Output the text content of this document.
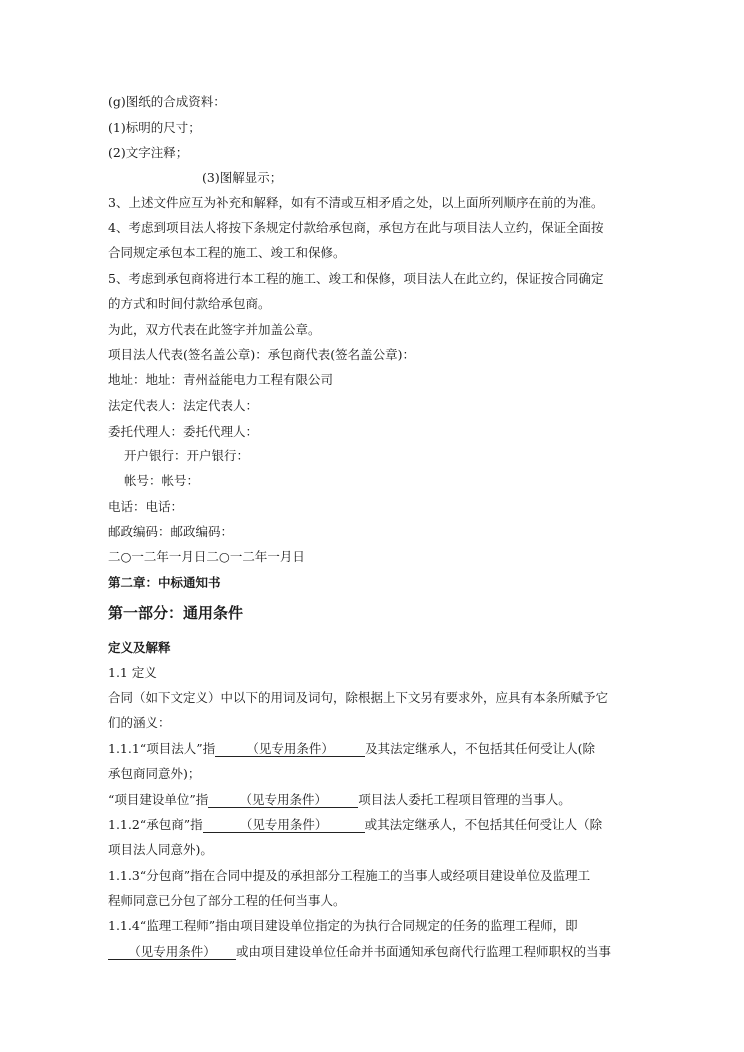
(g)图纸的合成资料：
(1)标明的尺寸；
(2)文字注释；
(3)图解显示；
3、上述文件应互为补充和解释，如有不清或互相矛盾之处，以上面所列顺序在前的为准。
4、考虑到项目法人将按下条规定付款给承包商，承包方在此与项目法人立约，保证全面按
合同规定承包本工程的施工、竣工和保修。
5、考虑到承包商将进行本工程的施工、竣工和保修，项目法人在此立约，保证按合同确定
的方式和时间付款给承包商。
为此，双方代表在此签字并加盖公章。
项目法人代表(签名盖公章)：承包商代表(签名盖公章)：
地址：地址：青州益能电力工程有限公司
法定代表人：法定代表人：
委托代理人：委托代理人：
开户银行：开户银行：
帐号：帐号：
电话：电话：
邮政编码：邮政编码：
二○一二年一月日二○一二年一月日
第二章：中标通知书
第一部分：通用条件
定义及解释
1.1 定义
合同（如下文定义）中以下的用词及词句，除根据上下文另有要求外，应具有本条所赋予它
们的涵义：
1.1.1“项目法人”指 （见专用条件）	及其法定继承人，不包括其任何受让人(除
承包商同意外)；
“项目建设单位”指 （见专用条件）	项目法人委托工程项目管理的当事人。
1.1.2“承包商”指	（见专用条件）	或其法定继承人，不包括其任何受让人（除
项目法人同意外)。
1.1.3“分包商”指在合同中提及的承担部分工程施工的当事人或经项目建设单位及监理工
程师同意已分包了部分工程的任何当事人。
1.1.4“监理工程师”指由项目建设单位指定的为执行合同规定的任务的监理工程师，即
（见专用条件） 或由项目建设单位任命并书面通知承包商代行监理工程师职权的当事
